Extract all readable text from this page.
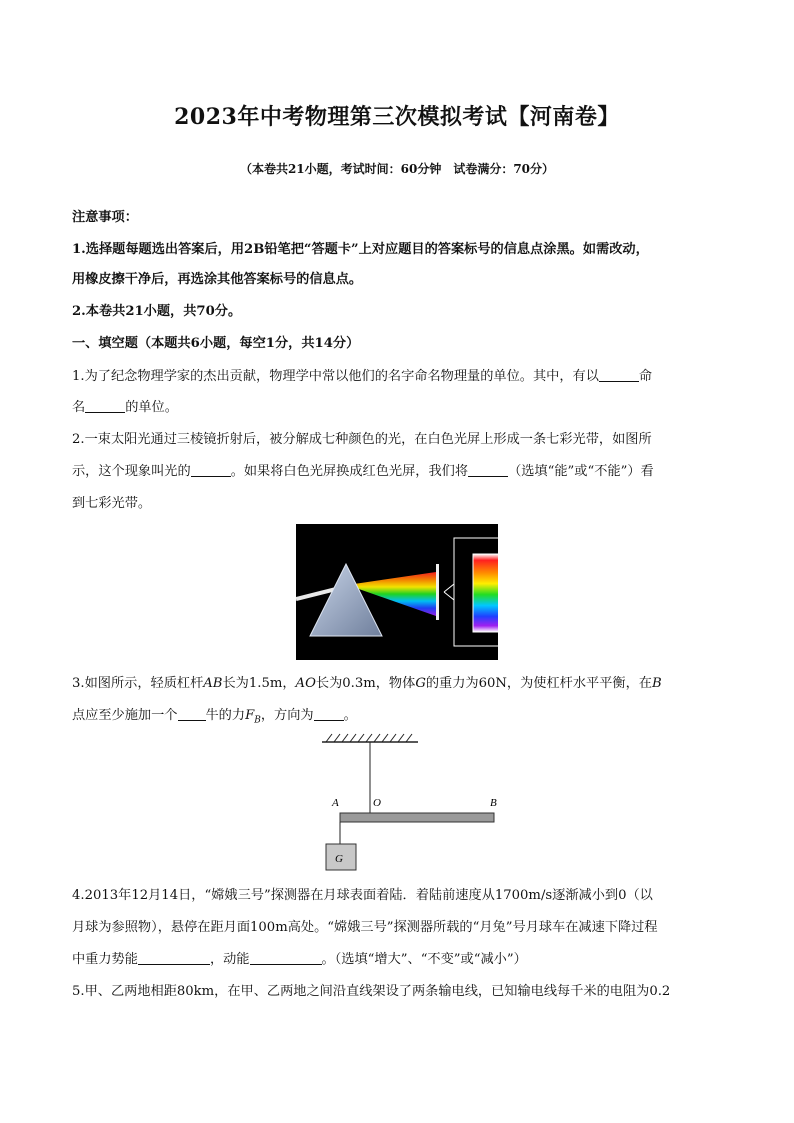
2023年中考物理第三次模拟考试【河南卷】
（本卷共21小题，考试时间：60分钟　试卷满分：70分）
注意事项：
1.选择题每题选出答案后，用2B铅笔把“答题卡”上对应题目的答案标号的信息点涂黑。如需改动，
用橡皮擦干净后，再选涂其他答案标号的信息点。
2.本卷共21小题，共70分。
一、填空题（本题共6小题，每空1分，共14分）
1.为了纪念物理学家的杰出贡献，物理学中常以他们的名字命名物理量的单位。其中，有以	命
名	的单位。
2.一束太阳光通过三棱镜折射后，被分解成七种颜色的光，在白色光屏上形成一条七彩光带，如图所
示，这个现象叫光的	。如果将白色光屏换成红色光屏，我们将	（选填“能”或“不能”）看
到七彩光带。
3.如图所示，轻质杠杆AB长为1.5m，AO长为0.3m，物体G的重力为60N，为使杠杆水平平衡，在B
点应至少施加一个 牛的力$F_B$，方向为 。
A	O	B
G
4.2013年12月14日，“嫦娥三号”探测器在月球表面着陆．着陆前速度从1700m/s逐渐减小到0（以
月球为参照物），悬停在距月面100m高处。“嫦娥三号”探测器所载的“月兔”号月球车在减速下降过程
中重力势能	，动能	。（选填“增大”、“不变”或“减小”）
5.甲、乙两地相距80km，在甲、乙两地之间沿直线架设了两条输电线，已知输电线每千米的电阻为0.2
